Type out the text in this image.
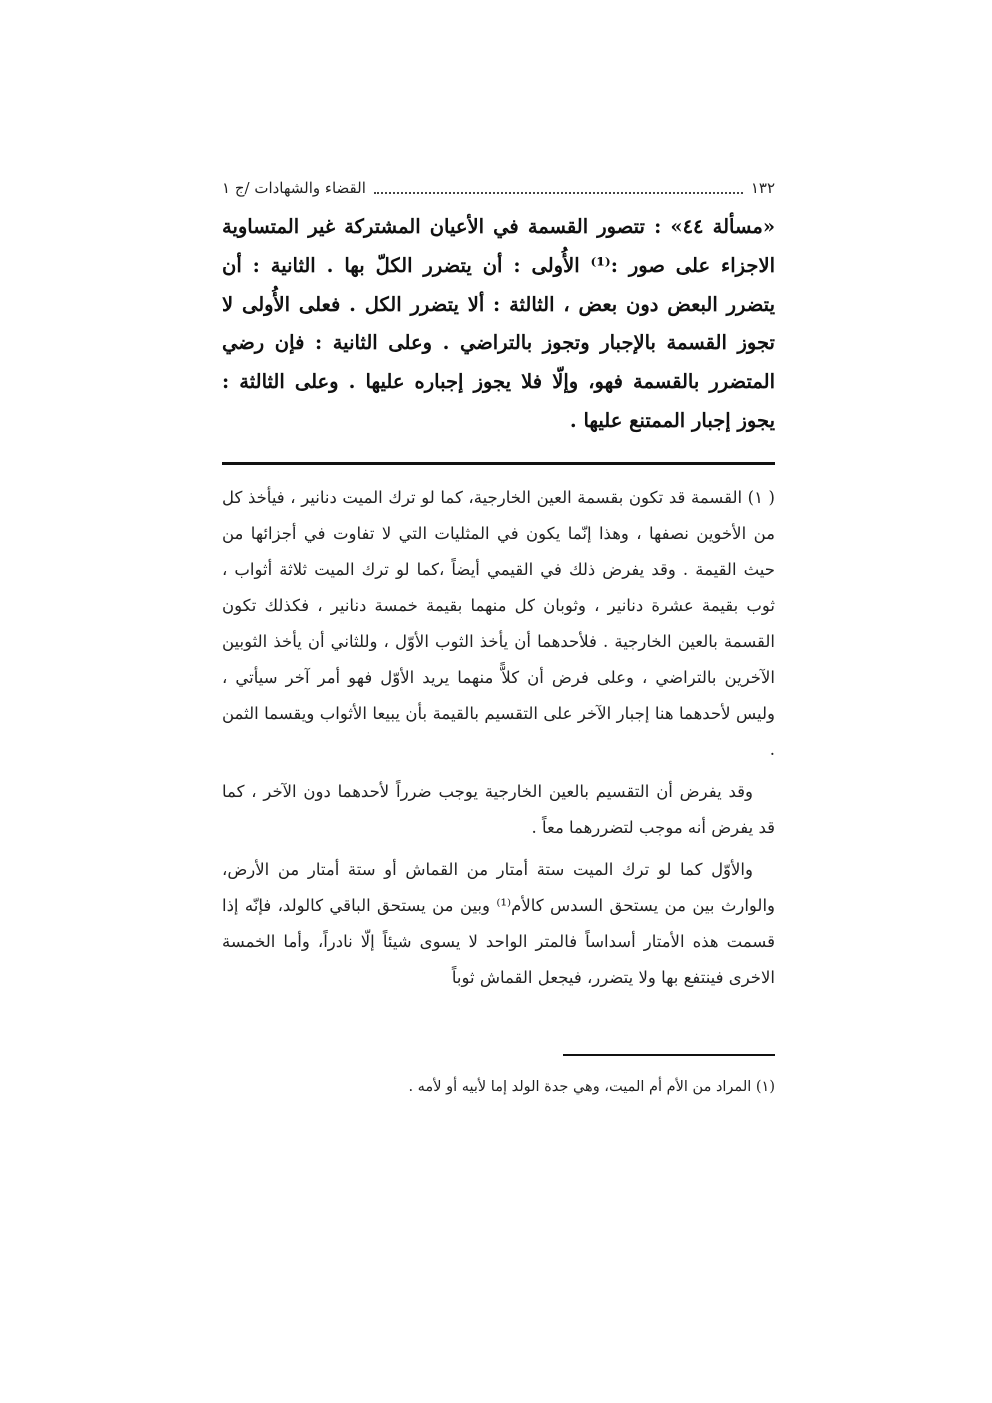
١٣٢
القضاء والشهادات /ج ١

«مسألة ٤٤» : تتصور القسمة في الأعيان المشتركة غير المتساوية الاجزاء على صور :⁽¹⁾ الأُولى : أن يتضرر الكلّ بها . الثانية : أن يتضرر البعض دون بعض ، الثالثة : ألا يتضرر الكل . فعلى الأُولى لا تجوز القسمة بالإجبار وتجوز بالتراضي . وعلى الثانية : فإن رضي المتضرر بالقسمة فهو، وإلّا فلا يجوز إجباره عليها . وعلى الثالثة : يجوز إجبار الممتنع عليها .

( ١) القسمة قد تكون بقسمة العين الخارجية، كما لو ترك الميت دنانير ، فيأخذ كل من الأخوين نصفها ، وهذا إنّما يكون في المثليات التي لا تفاوت في أجزائها من حيث القيمة . وقد يفرض ذلك في القيمي أيضاً ،كما لو ترك الميت ثلاثة أثواب ، ثوب بقيمة عشرة دنانير ، وثوبان كل منهما بقيمة خمسة دنانير ، فكذلك تكون القسمة بالعين الخارجية . فلأحدهما أن يأخذ الثوب الأوّل ، وللثاني أن يأخذ الثوبين الآخرين بالتراضي ، وعلى فرض أن كلاًّ منهما يريد الأوّل فهو أمر آخر سيأتي ، وليس لأحدهما هنا إجبار الآخر على التقسيم بالقيمة بأن يبيعا الأثواب ويقسما الثمن .

وقد يفرض أن التقسيم بالعين الخارجية يوجب ضرراً لأحدهما دون الآخر ، كما قد يفرض أنه موجب لتضررهما معاً .

والأوّل كما لو ترك الميت ستة أمتار من القماش أو ستة أمتار من الأرض، والوارث بين من يستحق السدس كالأم⁽¹⁾ وبين من يستحق الباقي كالولد، فإنّه إذا قسمت هذه الأمتار أسداساً فالمتر الواحد لا يسوى شيئاً إلّا نادراً، وأما الخمسة الاخرى فينتفع بها ولا يتضرر، فيجعل القماش ثوباً

(١) المراد من الأم أم الميت، وهي جدة الولد إما لأبيه أو لأمه .
